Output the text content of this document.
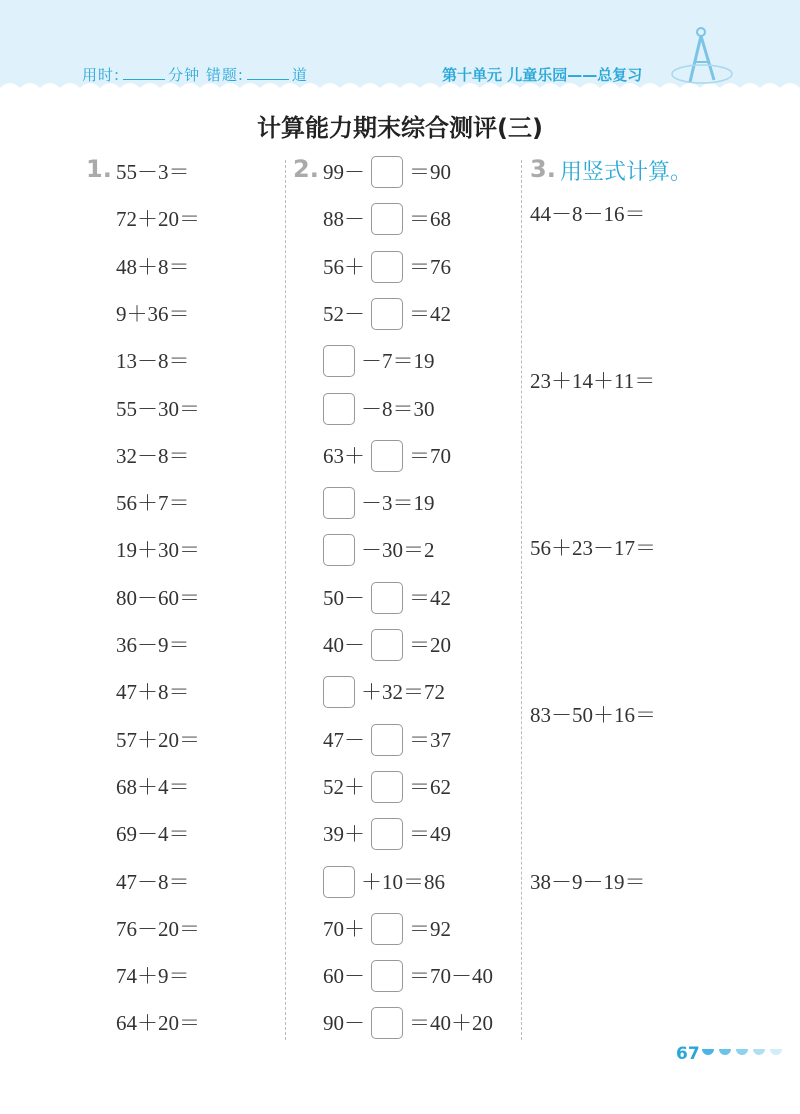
用时:	分钟 错题:	道	第十单元 儿童乐园——总复习
计算能力期末综合测评(三)
1. 55－3＝
72＋20＝
48＋8＝
9＋36＝
13－8＝
55－30＝
32－8＝
56＋7＝
19＋30＝
80－60＝
36－9＝
47＋8＝
57＋20＝
68＋4＝
69－4＝
47－8＝
76－20＝
74＋9＝
64＋20＝
2. 99－ ＝90
88－ ＝68
56＋ ＝76
52－ ＝42
－7＝19
－8＝30
63＋ ＝70
－3＝19
－30＝2
50－ ＝42
40－ ＝20
＋32＝72
47－ ＝37
52＋ ＝62
39＋ ＝49
＋10＝86
70＋ ＝92
60－ ＝70－40
90－ ＝40＋20
3. 用竖式计算。
44－8－16＝
23＋14＋11＝
56＋23－17＝
83－50＋16＝
38－9－19＝
67
